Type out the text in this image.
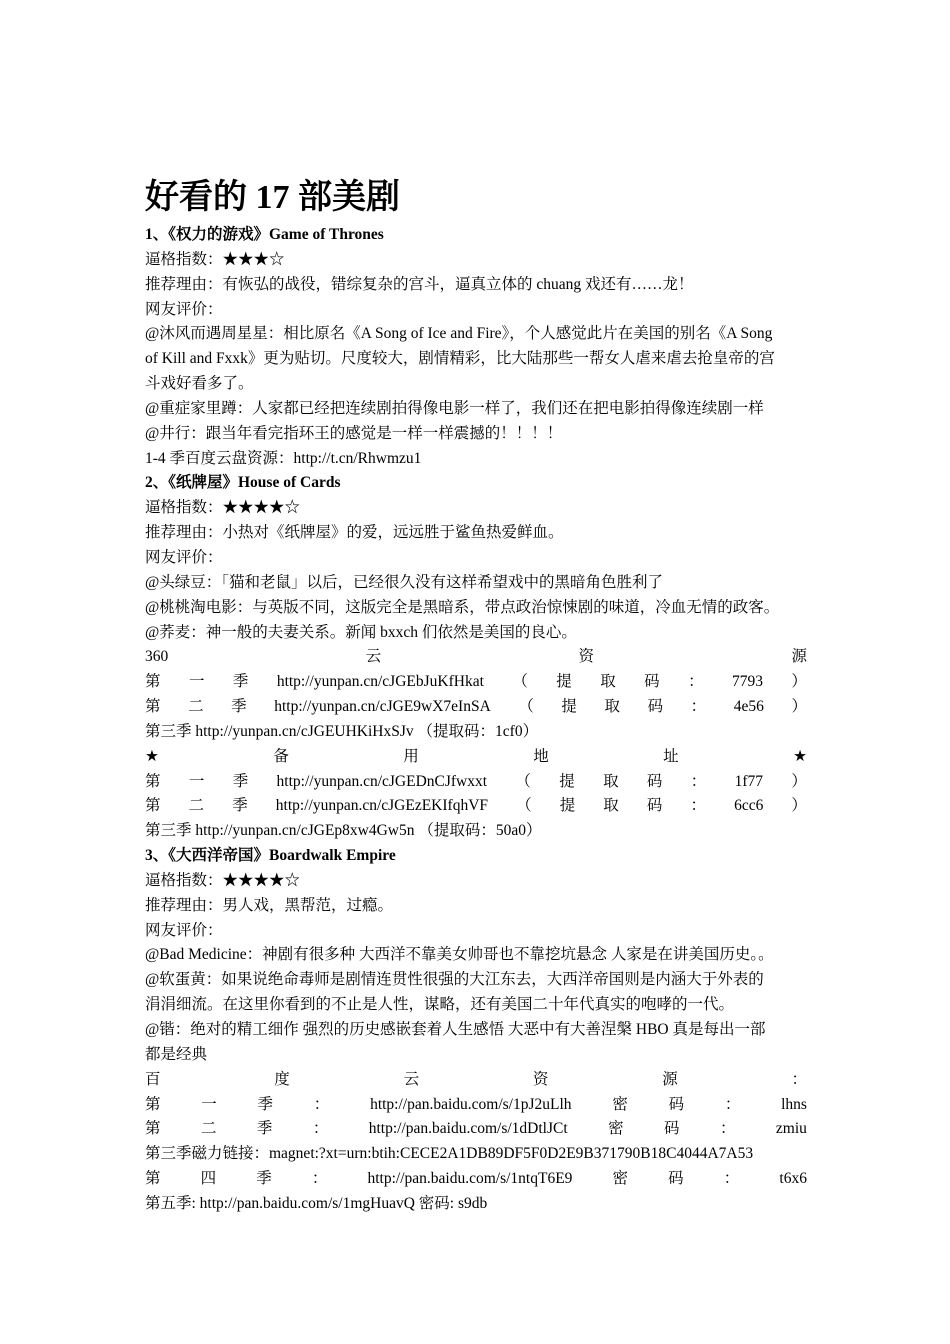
好看的 17 部美剧
1、《权力的游戏》Game of Thrones
逼格指数：★★★☆
推荐理由：有恢弘的战役，错综复杂的宫斗，逼真立体的 chuang 戏还有……龙！
网友评价：
@沐风而遇周星星：相比原名《A Song of Ice and Fire》，个人感觉此片在美国的别名《A Song
of Kill and Fxxk》更为贴切。尺度较大，剧情精彩，比大陆那些一帮女人虐来虐去抢皇帝的宫
斗戏好看多了。
@重症家里蹲：人家都已经把连续剧拍得像电影一样了，我们还在把电影拍得像连续剧一样
@井行：跟当年看完指环王的感觉是一样一样震撼的！！！！
1-4 季百度云盘资源：http://t.cn/Rhwmzu1
2、《纸牌屋》House of Cards
逼格指数：★★★★☆
推荐理由：小热对《纸牌屋》的爱，远远胜于鲨鱼热爱鲜血。
网友评价：
@头绿豆：「猫和老鼠」以后，已经很久没有这样希望戏中的黑暗角色胜利了
@桃桃淘电影：与英版不同，这版完全是黑暗系，带点政治惊悚剧的味道，冷血无情的政客。
@荞麦：神一般的夫妻关系。新闻 bxxch 们依然是美国的良心。
360	云	资	源
第 一 季 http://yunpan.cn/cJGEbJuKfHkat （ 提 取 码 ： 7793 ）
第 二 季 http://yunpan.cn/cJGE9wX7eInSA （ 提 取 码 ： 4e56 ）
第三季 http://yunpan.cn/cJGEUHKiHxSJv （提取码：1cf0）
★	备	用	地	址	★
第 一 季 http://yunpan.cn/cJGEDnCJfwxxt （ 提 取 码 ： 1f77 ）
第 二 季 http://yunpan.cn/cJGEzEKIfqhVF （ 提 取 码 ： 6cc6 ）
第三季 http://yunpan.cn/cJGEp8xw4Gw5n （提取码：50a0）
3、《大西洋帝国》Boardwalk Empire
逼格指数：★★★★☆
推荐理由：男人戏，黑帮范，过瘾。
网友评价：
@Bad Medicine：神剧有很多种 大西洋不靠美女帅哥也不靠挖坑悬念 人家是在讲美国历史。。
@软蛋黄：如果说绝命毒师是剧情连贯性很强的大江东去，大西洋帝国则是内涵大于外表的
涓涓细流。在这里你看到的不止是人性，谋略，还有美国二十年代真实的咆哮的一代。
@锴：绝对的精工细作 强烈的历史感嵌套着人生感悟 大恶中有大善涅槃 HBO 真是每出一部
都是经典
百	度	云	资	源	：
第	一	季	：	http://pan.baidu.com/s/1pJ2uLlh	密	码	：	lhns
第	二	季	：	http://pan.baidu.com/s/1dDtlJCt	密	码	：	zmiu
第三季磁力链接：magnet:?xt=urn:btih:CECE2A1DB89DF5F0D2E9B371790B18C4044A7A53
第	四	季	：	http://pan.baidu.com/s/1ntqT6E9	密	码	：	t6x6
第五季: http://pan.baidu.com/s/1mgHuavQ 密码: s9db
